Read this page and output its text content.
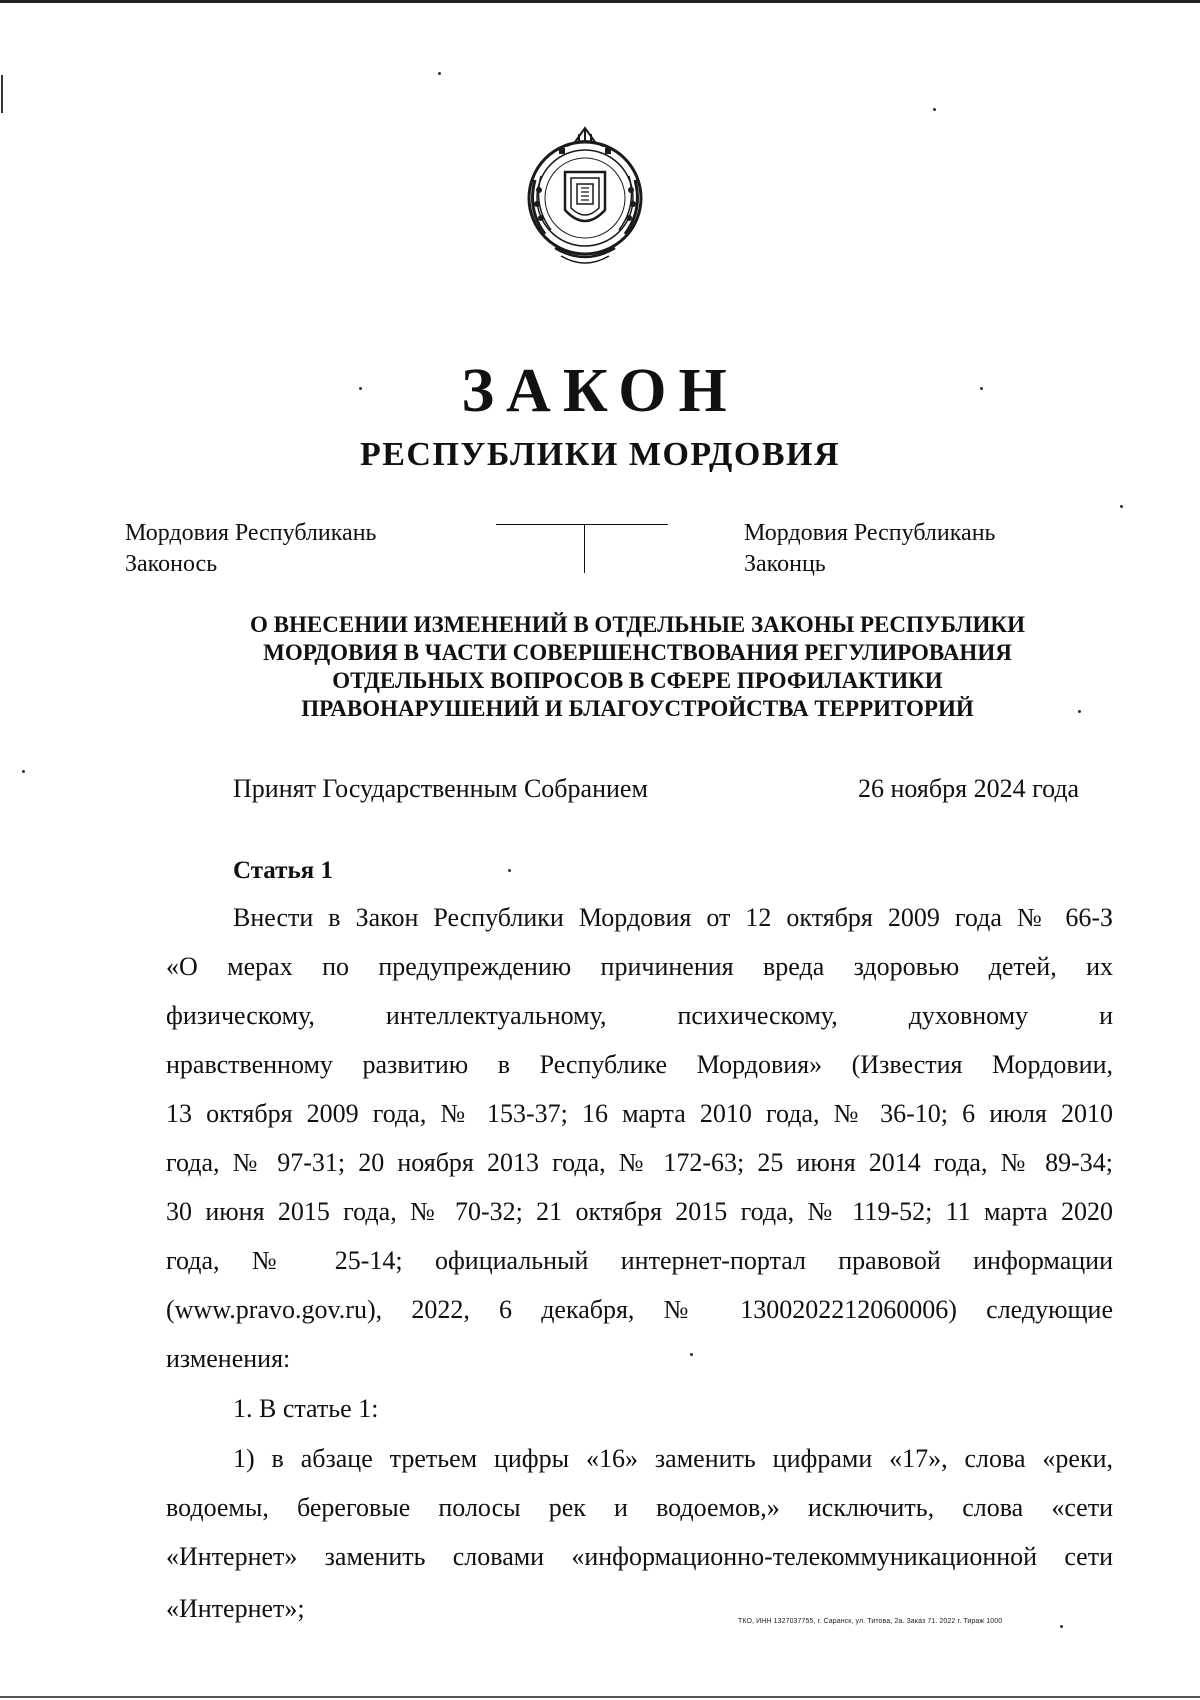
ЗАКОН
РЕСПУБЛИКИ МОРДОВИЯ
Мордовия Республикань
Законось
Мордовия Республикань
Законць
О ВНЕСЕНИИ ИЗМЕНЕНИЙ В ОТДЕЛЬНЫЕ ЗАКОНЫ РЕСПУБЛИКИ
МОРДОВИЯ В ЧАСТИ СОВЕРШЕНСТВОВАНИЯ РЕГУЛИРОВАНИЯ
ОТДЕЛЬНЫХ ВОПРОСОВ В СФЕРЕ ПРОФИЛАКТИКИ
ПРАВОНАРУШЕНИЙ И БЛАГОУСТРОЙСТВА ТЕРРИТОРИЙ
Принят Государственным Собранием	26 ноября 2024 года
Статья 1
Внести в Закон Республики Мордовия от 12 октября 2009 года № 66-З
«О мерах по предупреждению причинения вреда здоровью детей, их
физическому, интеллектуальному, психическому, духовному и
нравственному развитию в Республике Мордовия» (Известия Мордовии,
13 октября 2009 года, № 153-37; 16 марта 2010 года, № 36-10; 6 июля 2010
года, № 97-31; 20 ноября 2013 года, № 172-63; 25 июня 2014 года, № 89-34;
30 июня 2015 года, № 70-32; 21 октября 2015 года, № 119-52; 11 марта 2020
года, № 25-14; официальный интернет-портал правовой информации
(www.pravo.gov.ru), 2022, 6 декабря, № 1300202212060006) следующие
изменения:
1. В статье 1:
1) в абзаце третьем цифры «16» заменить цифрами «17», слова «реки,
водоемы, береговые полосы рек и водоемов,» исключить, слова «сети
«Интернет» заменить словами «информационно-телекоммуникационной сети
«Интернет»;	ТКО, ИНН 1327037755, г. Саранск, ул. Титова, 2а. Заказ 71. 2022 г. Тираж 1000
